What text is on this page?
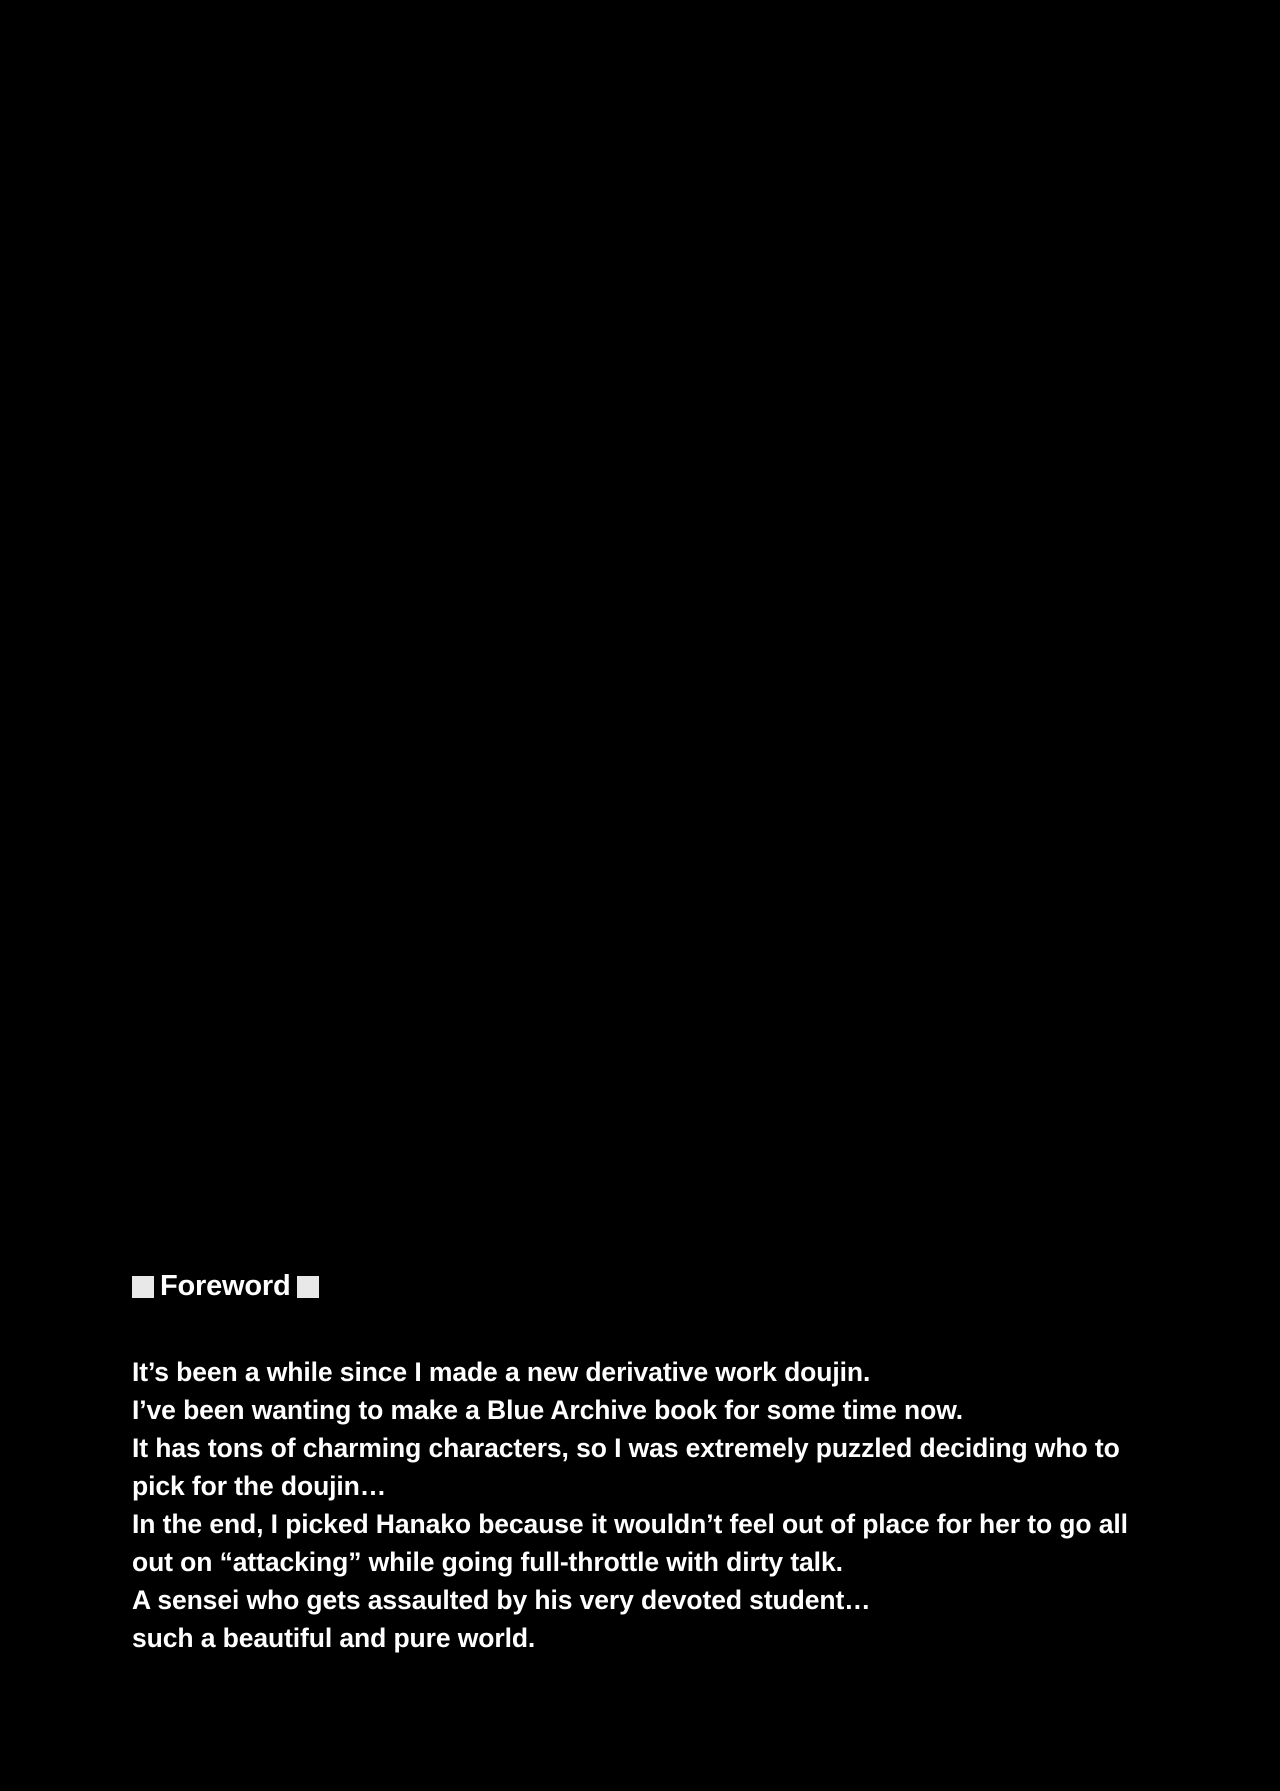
Foreword

It’s been a while since I made a new derivative work doujin.

I’ve been wanting to make a Blue Archive book for some time now.

It has tons of charming characters, so I was extremely puzzled deciding who to pick for the doujin…

In the end, I picked Hanako because it wouldn’t feel out of place for her to go all out on “attacking” while going full-throttle with dirty talk.

A sensei who gets assaulted by his very devoted student…

such a beautiful and pure world.
